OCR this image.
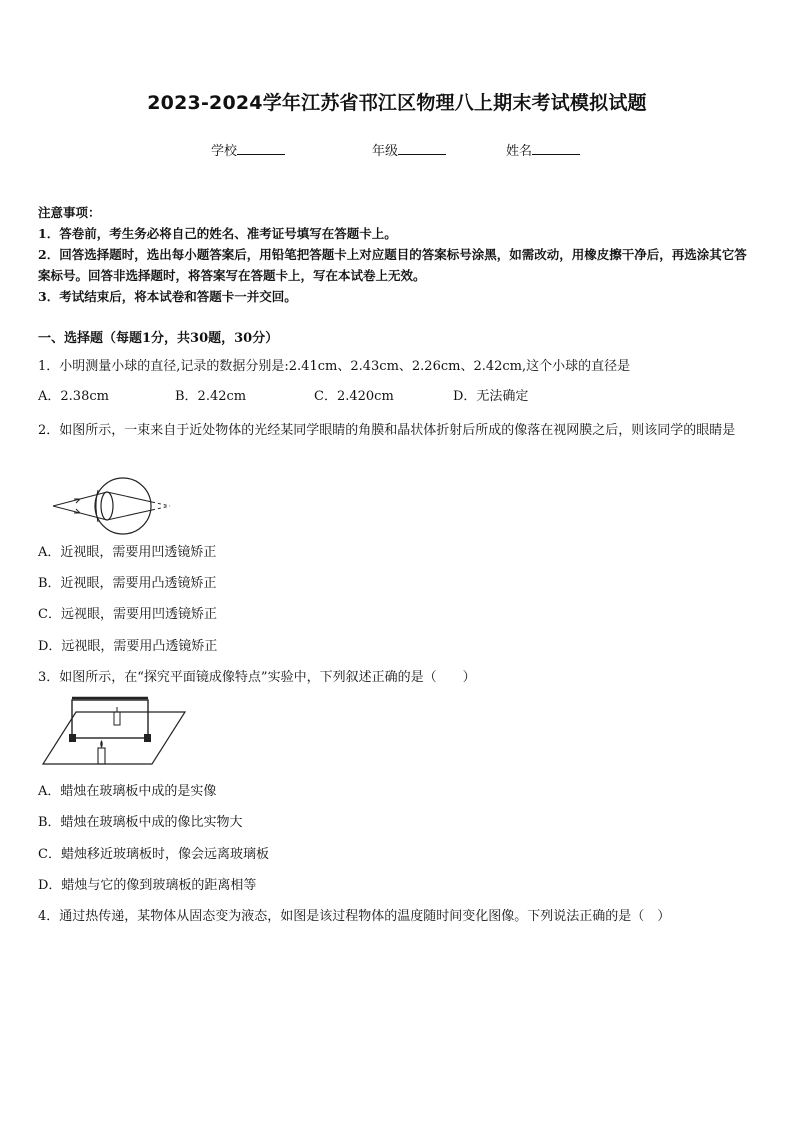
2023-2024学年江苏省邗江区物理八上期末考试模拟试题
学校	年级	姓名

注意事项：

1．答卷前，考生务必将自己的姓名、准考证号填写在答题卡上。

2．回答选择题时，选出每小题答案后，用铅笔把答题卡上对应题目的答案标号涂黑，如需改动，用橡皮擦干净后，再选涂其它答案标号。回答非选择题时，将答案写在答题卡上，写在本试卷上无效。

3．考试结束后，将本试卷和答题卡一并交回。

一、选择题（每题1分，共30题，30分）
1．小明测量小球的直径,记录的数据分别是:2.41cm、2.43cm、2.26cm、2.42cm,这个小球的直径是
A．2.38cm	B．2.42cm	C．2.420cm	D．无法确定
2．如图所示，一束来自于近处物体的光经某同学眼睛的角膜和晶状体折射后所成的像落在视网膜之后，则该同学的眼睛是
A．近视眼，需要用凹透镜矫正
B．近视眼，需要用凸透镜矫正
C．远视眼，需要用凹透镜矫正
D．远视眼，需要用凸透镜矫正
3．如图所示，在“探究平面镜成像特点”实验中，下列叙述正确的是（　　）
A．蜡烛在玻璃板中成的是实像
B．蜡烛在玻璃板中成的像比实物大
C．蜡烛移近玻璃板时，像会远离玻璃板
D．蜡烛与它的像到玻璃板的距离相等
4．通过热传递，某物体从固态变为液态，如图是该过程物体的温度随时间变化图像。下列说法正确的是（　）
